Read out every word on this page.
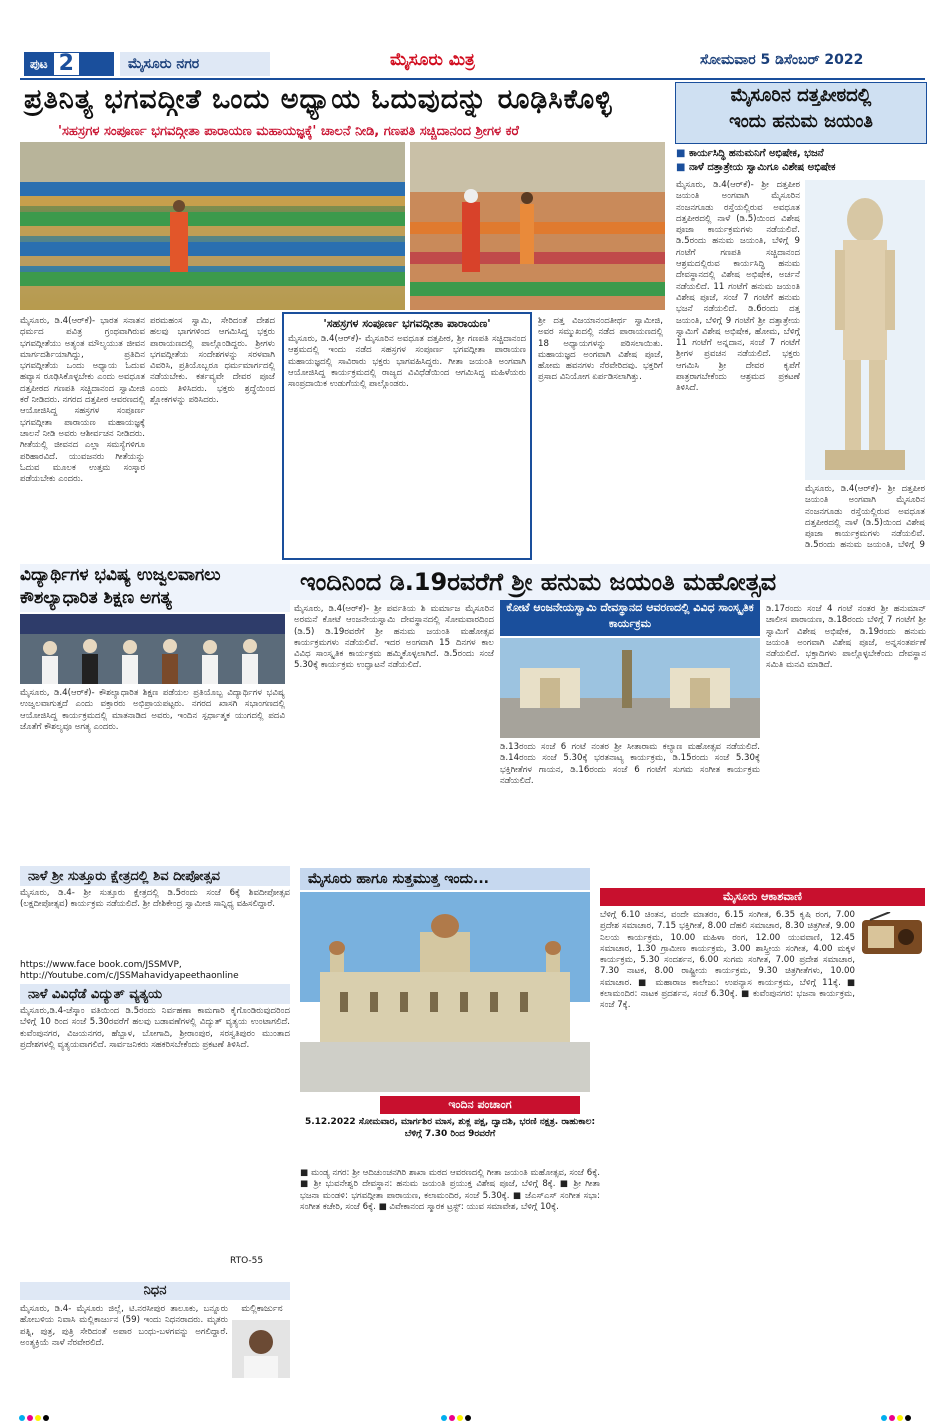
ಪುಟ 2	ಮೈಸೂರು ನಗರ	ಮೈಸೂರು ಮಿತ್ರ	ಸೋಮವಾರ 5 ಡಿಸೆಂಬರ್ 2022
ಪ್ರತಿನಿತ್ಯ ಭಗವದ್ಗೀತೆ ಒಂದು ಅಧ್ಯಾಯ ಓದುವುದನ್ನು ರೂಢಿಸಿಕೊಳ್ಳಿ
'ಸಹಸ್ರಗಳ ಸಂಪೂರ್ಣ ಭಗವದ್ಗೀತಾ ಪಾರಾಯಣ ಮಹಾಯಜ್ಞಕ್ಕೆ' ಚಾಲನೆ ನೀಡಿ, ಗಣಪತಿ ಸಚ್ಚಿದಾನಂದ ಶ್ರೀಗಳ ಕರೆ
ಮೈಸೂರು, ಡಿ.4(ಆರ್‌ಕೆ)- ಭಾರತ ಸನಾತನ ಧರ್ಮದ ಪವಿತ್ರ ಗ್ರಂಥವಾಗಿರುವ ಭಗವದ್ಗೀತೆಯು ಅತ್ಯಂತ ಮೌಲ್ಯಯುತ ಜೀವನ ಮಾರ್ಗದರ್ಶಿಯಾಗಿದ್ದು, ಪ್ರತಿದಿನ ಭಗವದ್ಗೀತೆಯ ಒಂದು ಅಧ್ಯಾಯ ಓದುವ ಹವ್ಯಾಸ ರೂಢಿಸಿಕೊಳ್ಳಬೇಕು ಎಂದು ಅವಧೂತ ದತ್ತಪೀಠದ ಗಣಪತಿ ಸಚ್ಚಿದಾನಂದ ಸ್ವಾಮೀಜಿ ಕರೆ ನೀಡಿದರು. ನಗರದ ದತ್ತಪೀಠ ಆವರಣದಲ್ಲಿ ಆಯೋಜಿಸಿದ್ದ ಸಹಸ್ರಗಳ ಸಂಪೂರ್ಣ ಭಗವದ್ಗೀತಾ ಪಾರಾಯಣ ಮಹಾಯಜ್ಞಕ್ಕೆ ಚಾಲನೆ ನೀಡಿ ಅವರು ಆಶೀರ್ವಚನ ನೀಡಿದರು. ಗೀತೆಯಲ್ಲಿ ಜೀವನದ ಎಲ್ಲಾ ಸಮಸ್ಯೆಗಳಿಗೂ ಪರಿಹಾರವಿದೆ. ಯುವಜನರು ಗೀತೆಯನ್ನು ಓದುವ ಮೂಲಕ ಉತ್ತಮ ಸಂಸ್ಕಾರ ಪಡೆಯಬೇಕು ಎಂದರು.
ಪರಮಹಂಸ ಸ್ವಾಮಿ, ಸೇರಿದಂತೆ ದೇಶದ ಹಲವು ಭಾಗಗಳಿಂದ ಆಗಮಿಸಿದ್ದ ಭಕ್ತರು ಪಾರಾಯಣದಲ್ಲಿ ಪಾಲ್ಗೊಂಡಿದ್ದರು. ಶ್ರೀಗಳು ಭಗವದ್ಗೀತೆಯ ಸಂದೇಶಗಳನ್ನು ಸರಳವಾಗಿ ವಿವರಿಸಿ, ಪ್ರತಿಯೊಬ್ಬರೂ ಧರ್ಮಮಾರ್ಗದಲ್ಲಿ ನಡೆಯಬೇಕು. ಕರ್ತವ್ಯವೇ ದೇವರ ಪೂಜೆ ಎಂದು ತಿಳಿಸಿದರು. ಭಕ್ತರು ಶ್ರದ್ಧೆಯಿಂದ ಶ್ಲೋಕಗಳನ್ನು ಪಠಿಸಿದರು.
'ಸಹಸ್ರಗಳ ಸಂಪೂರ್ಣ ಭಗವದ್ಗೀತಾ ಪಾರಾಯಣ'
ಮೈಸೂರು, ಡಿ.4(ಆರ್‌ಕೆ)- ಮೈಸೂರಿನ ಅವಧೂತ ದತ್ತಪೀಠ, ಶ್ರೀ ಗಣಪತಿ ಸಚ್ಚಿದಾನಂದ ಆಶ್ರಮದಲ್ಲಿ ಇಂದು ನಡೆದ ಸಹಸ್ರಗಳ ಸಂಪೂರ್ಣ ಭಗವದ್ಗೀತಾ ಪಾರಾಯಣ ಮಹಾಯಜ್ಞದಲ್ಲಿ ಸಾವಿರಾರು ಭಕ್ತರು ಭಾಗವಹಿಸಿದ್ದರು. ಗೀತಾ ಜಯಂತಿ ಅಂಗವಾಗಿ ಆಯೋಜಿಸಿದ್ದ ಕಾರ್ಯಕ್ರಮದಲ್ಲಿ ರಾಜ್ಯದ ವಿವಿಧೆಡೆಯಿಂದ ಆಗಮಿಸಿದ್ದ ಮಹಿಳೆಯರು ಸಾಂಪ್ರದಾಯಿಕ ಉಡುಗೆಯಲ್ಲಿ ಪಾಲ್ಗೊಂಡರು.
ಶ್ರೀ ದತ್ತ ವಿಜಯಾನಂದತೀರ್ಥ ಸ್ವಾಮೀಜಿ, ಅವರ ಸಮ್ಮುಖದಲ್ಲಿ ನಡೆದ ಪಾರಾಯಣದಲ್ಲಿ 18 ಅಧ್ಯಾಯಗಳನ್ನು ಪಠಿಸಲಾಯಿತು. ಮಹಾಯಜ್ಞದ ಅಂಗವಾಗಿ ವಿಶೇಷ ಪೂಜೆ, ಹೋಮ ಹವನಗಳು ನೆರವೇರಿದವು. ಭಕ್ತರಿಗೆ ಪ್ರಸಾದ ವಿನಿಯೋಗ ಏರ್ಪಡಿಸಲಾಗಿತ್ತು.
ಮೈಸೂರಿನ ದತ್ತಪೀಠದಲ್ಲಿ
ಇಂದು ಹನುಮ ಜಯಂತಿ
■ ಕಾರ್ಯಸಿದ್ಧಿ ಹನುಮನಿಗೆ ಅಭಿಷೇಕ, ಭಜನೆ
■ ನಾಳೆ ದತ್ತಾತ್ರೇಯ ಸ್ವಾಮಿಗೂ ವಿಶೇಷ ಅಭಿಷೇಕ
ಮೈಸೂರು, ಡಿ.4(ಆರ್‌ಕೆ)- ಶ್ರೀ ದತ್ತಪೀಠ ಜಯಂತಿ ಅಂಗವಾಗಿ ಮೈಸೂರಿನ ನಂಜನಗೂಡು ರಸ್ತೆಯಲ್ಲಿರುವ ಅವಧೂತ ದತ್ತಪೀಠದಲ್ಲಿ ನಾಳೆ (ಡಿ.5)ಯಿಂದ ವಿಶೇಷ ಪೂಜಾ ಕಾರ್ಯಕ್ರಮಗಳು ನಡೆಯಲಿವೆ. ಡಿ.5ರಂದು ಹನುಮ ಜಯಂತಿ, ಬೆಳಿಗ್ಗೆ 9 ಗಂಟೆಗೆ ಗಣಪತಿ ಸಚ್ಚಿದಾನಂದ ಆಶ್ರಮದಲ್ಲಿರುವ ಕಾರ್ಯಸಿದ್ಧಿ ಹನುಮ ದೇವಸ್ಥಾನದಲ್ಲಿ ವಿಶೇಷ ಅಭಿಷೇಕ, ಅರ್ಚನೆ ನಡೆಯಲಿದೆ. 11 ಗಂಟೆಗೆ ಹನುಮ ಜಯಂತಿ ವಿಶೇಷ ಪೂಜೆ, ಸಂಜೆ 7 ಗಂಟೆಗೆ ಹನುಮ ಭಜನೆ ನಡೆಯಲಿದೆ. ಡಿ.6ರಂದು ದತ್ತ ಜಯಂತಿ, ಬೆಳಿಗ್ಗೆ 9 ಗಂಟೆಗೆ ಶ್ರೀ ದತ್ತಾತ್ರೇಯ ಸ್ವಾಮಿಗೆ ವಿಶೇಷ ಅಭಿಷೇಕ, ಹೋಮ, ಬೆಳಿಗ್ಗೆ 11 ಗಂಟೆಗೆ ಅನ್ನದಾನ, ಸಂಜೆ 7 ಗಂಟೆಗೆ ಶ್ರೀಗಳ ಪ್ರವಚನ ನಡೆಯಲಿದೆ. ಭಕ್ತರು ಆಗಮಿಸಿ ಶ್ರೀ ದೇವರ ಕೃಪೆಗೆ ಪಾತ್ರರಾಗಬೇಕೆಂದು ಆಶ್ರಮದ ಪ್ರಕಟಣೆ ತಿಳಿಸಿದೆ.
ಮೈಸೂರು, ಡಿ.4(ಆರ್‌ಕೆ)- ಶ್ರೀ ದತ್ತಪೀಠ ಜಯಂತಿ ಅಂಗವಾಗಿ ಮೈಸೂರಿನ ನಂಜನಗೂಡು ರಸ್ತೆಯಲ್ಲಿರುವ ಅವಧೂತ ದತ್ತಪೀಠದಲ್ಲಿ ನಾಳೆ (ಡಿ.5)ಯಿಂದ ವಿಶೇಷ ಪೂಜಾ ಕಾರ್ಯಕ್ರಮಗಳು ನಡೆಯಲಿವೆ. ಡಿ.5ರಂದು ಹನುಮ ಜಯಂತಿ, ಬೆಳಿಗ್ಗೆ 9
ವಿದ್ಯಾರ್ಥಿಗಳ ಭವಿಷ್ಯ ಉಜ್ವಲವಾಗಲು ಕೌಶಲ್ಯಾಧಾರಿತ ಶಿಕ್ಷಣ ಅಗತ್ಯ
ಮೈಸೂರು, ಡಿ.4(ಆರ್‌ಕೆ)- ಕೌಶಲ್ಯಾಧಾರಿತ ಶಿಕ್ಷಣ ಪಡೆಯಲ ಪ್ರತಿಯೊಬ್ಬ ವಿದ್ಯಾರ್ಥಿಗಳ ಭವಿಷ್ಯ ಉಜ್ವಲವಾಗುತ್ತದೆ ಎಂದು ವಕ್ತಾರರು ಅಭಿಪ್ರಾಯಪಟ್ಟರು. ನಗರದ ಖಾಸಗಿ ಸಭಾಂಗಣದಲ್ಲಿ ಆಯೋಜಿಸಿದ್ದ ಕಾರ್ಯಕ್ರಮದಲ್ಲಿ ಮಾತನಾಡಿದ ಅವರು, ಇಂದಿನ ಸ್ಪರ್ಧಾತ್ಮಕ ಯುಗದಲ್ಲಿ ಪದವಿ ಜೊತೆಗೆ ಕೌಶಲ್ಯವೂ ಅಗತ್ಯ ಎಂದರು.
ನಾಳೆ ಶ್ರೀ ಸುತ್ತೂರು ಕ್ಷೇತ್ರದಲ್ಲಿ ಶಿವ ದೀಪೋತ್ಸವ
ಮೈಸೂರು, ಡಿ.4- ಶ್ರೀ ಸುತ್ತೂರು ಕ್ಷೇತ್ರದಲ್ಲಿ ಡಿ.5ರಂದು ಸಂಜೆ 6ಕ್ಕೆ ಶಿವದೀಪೋತ್ಸವ (ಲಕ್ಷದೀಪೋತ್ಸವ) ಕಾರ್ಯಕ್ರಮ ನಡೆಯಲಿದೆ. ಶ್ರೀ ದೇಶಿಕೇಂದ್ರ ಸ್ವಾಮೀಜಿ ಸಾನ್ನಿಧ್ಯ ವಹಿಸಲಿದ್ದಾರೆ.
https://www.face book.com/JSSMVP, http://Youtube.com/c/JSSMahavidyapeethaonline
ನಾಳೆ ವಿವಿಧೆಡೆ ವಿದ್ಯುತ್ ವ್ಯತ್ಯಯ
ಮೈಸೂರು,ಡಿ.4-ಚೆಸ್ಕಾಂ ವತಿಯಿಂದ ಡಿ.5ರಂದು ನಿರ್ವಹಣಾ ಕಾಮಗಾರಿ ಕೈಗೊಂಡಿರುವುದರಿಂದ ಬೆಳಿಗ್ಗೆ 10 ರಿಂದ ಸಂಜೆ 5.30ರವರೆಗೆ ಹಲವು ಬಡಾವಣೆಗಳಲ್ಲಿ ವಿದ್ಯುತ್ ವ್ಯತ್ಯಯ ಉಂಟಾಗಲಿದೆ. ಕುವೆಂಪುನಗರ, ವಿಜಯನಗರ, ಹೆಬ್ಬಾಳ, ಬೋಗಾದಿ, ಶ್ರೀರಾಂಪುರ, ಸರಸ್ವತಿಪುರಂ ಮುಂತಾದ ಪ್ರದೇಶಗಳಲ್ಲಿ ವ್ಯತ್ಯಯವಾಗಲಿದೆ. ಸಾರ್ವಜನಿಕರು ಸಹಕರಿಸಬೇಕೆಂದು ಪ್ರಕಟಣೆ ತಿಳಿಸಿದೆ.
RTO-55
ನಿಧನ
ಮಲ್ಲಿಕಾರ್ಜುನ
ಮೈಸೂರು, ಡಿ.4- ಮೈಸೂರು ಜಿಲ್ಲೆ, ಟಿ.ನರಸೀಪುರ ತಾಲೂಕು, ಬನ್ನೂರು ಹೋಬಳಿಯ ನಿವಾಸಿ ಮಲ್ಲಿಕಾರ್ಜುನ (59) ಇಂದು ನಿಧನರಾದರು. ಮೃತರು ಪತ್ನಿ, ಪುತ್ರ, ಪುತ್ರಿ ಸೇರಿದಂತೆ ಅಪಾರ ಬಂಧು-ಬಳಗವನ್ನು ಅಗಲಿದ್ದಾರೆ. ಅಂತ್ಯಕ್ರಿಯೆ ನಾಳೆ ನೆರವೇರಲಿದೆ.
ಇಂದಿನಿಂದ ಡಿ.19ರವರೆಗೆ ಶ್ರೀ ಹನುಮ ಜಯಂತಿ ಮಹೋತ್ಸವ
ಮೈಸೂರು, ಡಿ.4(ಆರ್‌ಕೆ)- ಶ್ರೀ ಪರ್ವತಿಯ ಶಿ ಮರ್ಮಾಜ ಮೈಸೂರಿನ ಅರಮನೆ ಕೋಟೆ ಆಂಜನೇಯಸ್ವಾಮಿ ದೇವಸ್ಥಾನದಲ್ಲಿ ಸೋಮವಾರದಿಂದ (ಡಿ.5) ಡಿ.19ರವರೆಗೆ ಶ್ರೀ ಹನುಮ ಜಯಂತಿ ಮಹೋತ್ಸವ ಕಾರ್ಯಕ್ರಮಗಳು ನಡೆಯಲಿವೆ. ಇದರ ಅಂಗವಾಗಿ 15 ದಿನಗಳ ಕಾಲ ವಿವಿಧ ಸಾಂಸ್ಕೃತಿಕ ಕಾರ್ಯಕ್ರಮ ಹಮ್ಮಿಕೊಳ್ಳಲಾಗಿದೆ. ಡಿ.5ರಂದು ಸಂಜೆ 5.30ಕ್ಕೆ ಕಾರ್ಯಕ್ರಮ ಉದ್ಘಾಟನೆ ನಡೆಯಲಿದೆ.
ಕೋಟೆ ಆಂಜನೇಯಸ್ವಾಮಿ ದೇವಸ್ಥಾನದ ಆವರಣದಲ್ಲಿ ವಿವಿಧ ಸಾಂಸ್ಕೃತಿಕ ಕಾರ್ಯಕ್ರಮ
ಡಿ.13ರಂದು ಸಂಜೆ 6 ಗಂಟೆ ನಂತರ ಶ್ರೀ ಸೀತಾರಾಮ ಕಲ್ಯಾಣ ಮಹೋತ್ಸವ ನಡೆಯಲಿದೆ. ಡಿ.14ರಂದು ಸಂಜೆ 5.30ಕ್ಕೆ ಭರತನಾಟ್ಯ ಕಾರ್ಯಕ್ರಮ, ಡಿ.15ರಂದು ಸಂಜೆ 5.30ಕ್ಕೆ ಭಕ್ತಿಗೀತೆಗಳ ಗಾಯನ, ಡಿ.16ರಂದು ಸಂಜೆ 6 ಗಂಟೆಗೆ ಸುಗಮ ಸಂಗೀತ ಕಾರ್ಯಕ್ರಮ ನಡೆಯಲಿದೆ.
ಡಿ.17ರಂದು ಸಂಜೆ 4 ಗಂಟೆ ನಂತರ ಶ್ರೀ ಹನುಮಾನ್ ಚಾಲೀಸ ಪಾರಾಯಣ, ಡಿ.18ರಂದು ಬೆಳಿಗ್ಗೆ 7 ಗಂಟೆಗೆ ಶ್ರೀ ಸ್ವಾಮಿಗೆ ವಿಶೇಷ ಅಭಿಷೇಕ, ಡಿ.19ರಂದು ಹನುಮ ಜಯಂತಿ ಅಂಗವಾಗಿ ವಿಶೇಷ ಪೂಜೆ, ಅನ್ನಸಂತರ್ಪಣೆ ನಡೆಯಲಿದೆ. ಭಕ್ತಾದಿಗಳು ಪಾಲ್ಗೊಳ್ಳಬೇಕೆಂದು ದೇವಸ್ಥಾನ ಸಮಿತಿ ಮನವಿ ಮಾಡಿದೆ.
ಮೈಸೂರು ಹಾಗೂ ಸುತ್ತಮುತ್ತ ಇಂದು...
ಇಂದಿನ ಪಂಚಾಂಗ
5.12.2022 ಸೋಮವಾರ, ಮಾರ್ಗಶಿರ ಮಾಸ, ಶುಕ್ಲ ಪಕ್ಷ, ದ್ವಾದಶಿ, ಭರಣಿ ನಕ್ಷತ್ರ. ರಾಹುಕಾಲ: ಬೆಳಿಗ್ಗೆ 7.30 ರಿಂದ 9ರವರೆಗೆ
■ ಮಂಡ್ಯ ನಗರ: ಶ್ರೀ ಆದಿಚುಂಚನಗಿರಿ ಶಾಖಾ ಮಠದ ಆವರಣದಲ್ಲಿ ಗೀತಾ ಜಯಂತಿ ಮಹೋತ್ಸವ, ಸಂಜೆ 6ಕ್ಕೆ. ■ ಶ್ರೀ ಭುವನೇಶ್ವರಿ ದೇವಸ್ಥಾನ: ಹನುಮ ಜಯಂತಿ ಪ್ರಯುಕ್ತ ವಿಶೇಷ ಪೂಜೆ, ಬೆಳಿಗ್ಗೆ 8ಕ್ಕೆ. ■ ಶ್ರೀ ಗೀತಾ ಭಜನಾ ಮಂಡಳಿ: ಭಗವದ್ಗೀತಾ ಪಾರಾಯಣ, ಕಲಾಮಂದಿರ, ಸಂಜೆ 5.30ಕ್ಕೆ. ■ ಜೆಎಸ್‌ಎಸ್ ಸಂಗೀತ ಸಭಾ: ಸಂಗೀತ ಕಚೇರಿ, ಸಂಜೆ 6ಕ್ಕೆ. ■ ವಿವೇಕಾನಂದ ಸ್ಮಾರಕ ಟ್ರಸ್ಟ್: ಯುವ ಸಮಾವೇಶ, ಬೆಳಿಗ್ಗೆ 10ಕ್ಕೆ.
ಮೈಸೂರು ಆಕಾಶವಾಣಿ
ಬೆಳಿಗ್ಗೆ 6.10 ಚಿಂತನ, ವಂದೇ ಮಾತರಂ, 6.15 ಸಂಗೀತ, 6.35 ಕೃಷಿ ರಂಗ, 7.00 ಪ್ರದೇಶ ಸಮಾಚಾರ, 7.15 ಭಕ್ತಿಗೀತೆ, 8.00 ದೆಹಲಿ ಸಮಾಚಾರ, 8.30 ಚಿತ್ರಗೀತೆ, 9.00 ನಿಲಯ ಕಾರ್ಯಕ್ರಮ, 10.00 ಮಹಿಳಾ ರಂಗ, 12.00 ಯುವವಾಣಿ, 12.45 ಸಮಾಚಾರ, 1.30 ಗ್ರಾಮೀಣ ಕಾರ್ಯಕ್ರಮ, 3.00 ಶಾಸ್ತ್ರೀಯ ಸಂಗೀತ, 4.00 ಮಕ್ಕಳ ಕಾರ್ಯಕ್ರಮ, 5.30 ಸಂದರ್ಶನ, 6.00 ಸುಗಮ ಸಂಗೀತ, 7.00 ಪ್ರದೇಶ ಸಮಾಚಾರ, 7.30 ನಾಟಕ, 8.00 ರಾಷ್ಟ್ರೀಯ ಕಾರ್ಯಕ್ರಮ, 9.30 ಚಿತ್ರಗೀತೆಗಳು, 10.00 ಸಮಾಚಾರ. ■ ಮಹಾರಾಜ ಕಾಲೇಜು: ಉಪನ್ಯಾಸ ಕಾರ್ಯಕ್ರಮ, ಬೆಳಿಗ್ಗೆ 11ಕ್ಕೆ. ■ ಕಲಾಮಂದಿರ: ನಾಟಕ ಪ್ರದರ್ಶನ, ಸಂಜೆ 6.30ಕ್ಕೆ. ■ ಕುವೆಂಪುನಗರ: ಭಜನಾ ಕಾರ್ಯಕ್ರಮ, ಸಂಜೆ 7ಕ್ಕೆ.
